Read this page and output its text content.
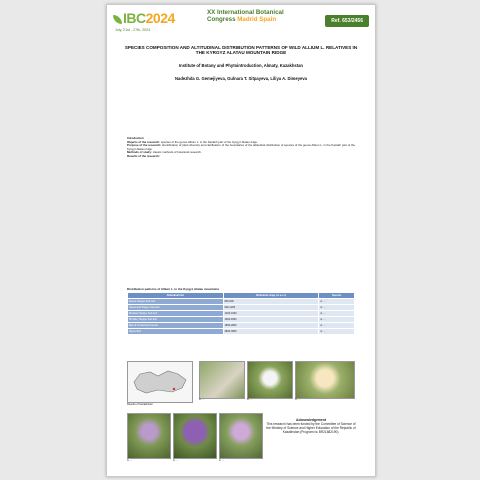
IBC2024	XX International Botanical
Congress Madrid Spain
July, 21st - 27th, 2024
Ref. 653/2456
SPECIES COMPOSITION AND ALTITUDINAL DISTRIBUTION PATTERNS OF WILD ALLIUM L. RELATIVES IN THE KYRGYZ ALATAU MOUNTAIN RIDGE
Institute of Botany and Phytointroduction, Almaty, Kazakhstan
Nadezhda G. Gemejiyeva, Gulnara T. Sitpayeva, Liliya A. Dimeyeva
Introduction

Objects of the research: species of the genus Allium L. in the Kazakh part of the Kyrgyz Alatau ridge.

Purpose of the research: identification of plant diversity and clarification of the boundaries of the altitudinal distribution of species of the genus Allium L. in the Kazakh part of the Kyrgyz Alatau ridge.

Methods of study: classic methods of botanical research.

Results of the research:

Distribution patterns of Allium L. in the Kyrgyz Alatau mountains
Altitudinal belt	Altitudinal range (m a.s.l.)	Species
Desert Steppe Sub-belt	800-900	A. ...
Savannoid Steppe Sub-belt	900-1200	A. ...
Meadow Steppe Sub-belt	1200-1600	A. ...
Shrubby Steppe Sub-belt	1600-1800	A. ...
Belt of Coniferous Forests	1800-2800	A. ...
Alpine Belt	2800-3500	A. ...
Results of Kazakhstan
A. ...	A. ...	A. ...
A. ...	A. ...	A. ...
Acknowledgement
This research has been funded by the Committee of Science of the Ministry of Science and Higher Education of the Republic of Kazakhstan (Program № BR21882190).
